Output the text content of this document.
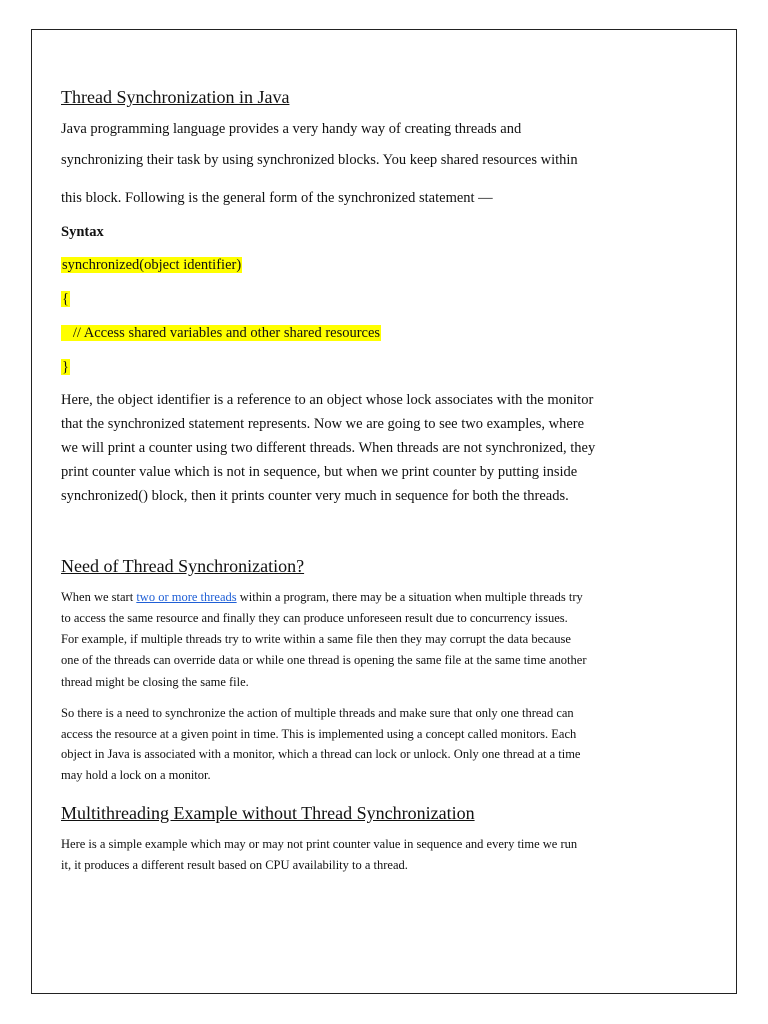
Thread Synchronization in Java
Java programming language provides a very handy way of creating threads and
synchronizing their task by using synchronized blocks. You keep shared resources within
this block. Following is the general form of the synchronized statement —
Syntax
synchronized(object identifier)
{
// Access shared variables and other shared resources
}
Here, the object identifier is a reference to an object whose lock associates with the monitor
that the synchronized statement represents. Now we are going to see two examples, where
we will print a counter using two different threads. When threads are not synchronized, they
print counter value which is not in sequence, but when we print counter by putting inside
synchronized() block, then it prints counter very much in sequence for both the threads.
Need of Thread Synchronization?
When we start two or more threads within a program, there may be a situation when multiple threads try
to access the same resource and finally they can produce unforeseen result due to concurrency issues.
For example, if multiple threads try to write within a same file then they may corrupt the data because
one of the threads can override data or while one thread is opening the same file at the same time another
thread might be closing the same file.
So there is a need to synchronize the action of multiple threads and make sure that only one thread can
access the resource at a given point in time. This is implemented using a concept called monitors. Each
object in Java is associated with a monitor, which a thread can lock or unlock. Only one thread at a time
may hold a lock on a monitor.
Multithreading Example without Thread Synchronization
Here is a simple example which may or may not print counter value in sequence and every time we run
it, it produces a different result based on CPU availability to a thread.
